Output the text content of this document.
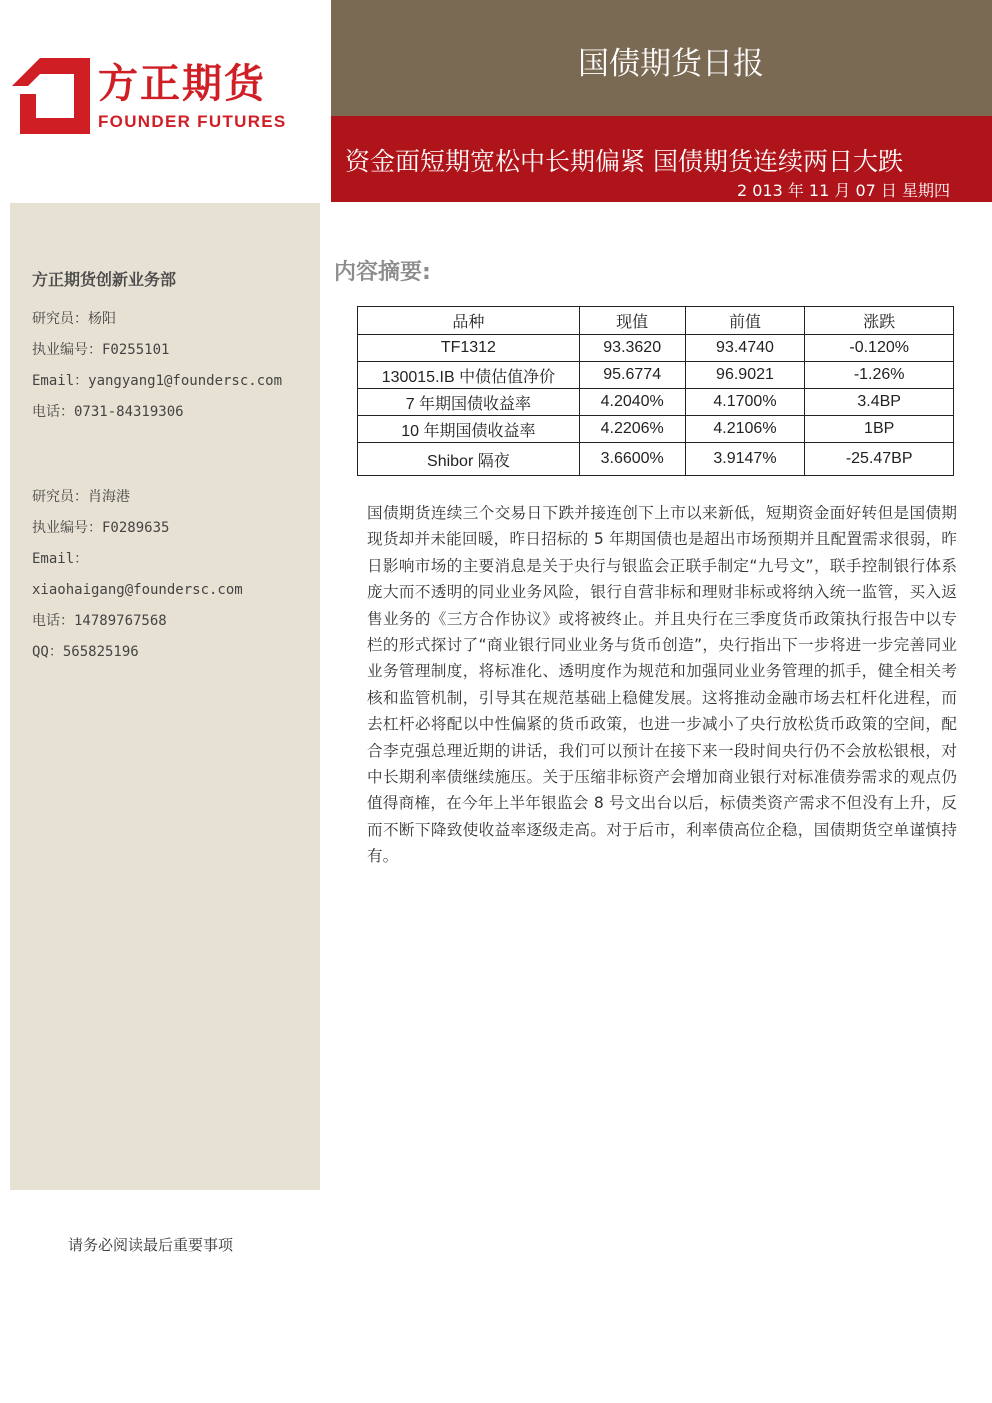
方正期货
FOUNDER FUTURES
国债期货日报
资金面短期宽松中长期偏紧 国债期货连续两日大跌
2 013 年 11 月 07 日 星期四
方正期货创新业务部
研究员：杨阳
执业编号：F0255101
Email：yangyang1@foundersc.com
电话：0731-84319306
研究员：肖海港
执业编号：F0289635
Email：
xiaohaigang@foundersc.com
电话：14789767568
QQ：565825196
内容摘要:
品种	现值	前值	涨跌
TF1312	93.3620	93.4740	-0.120%
130015.IB 中债估值净价	95.6774	96.9021	-1.26%
7 年期国债收益率	4.2040%	4.1700%	3.4BP
10 年期国债收益率	4.2206%	4.2106%	1BP
Shibor 隔夜	3.6600%	3.9147%	-25.47BP
国债期货连续三个交易日下跌并接连创下上市以来新低，短期资金面好转但是国债期现货却并未能回暖，昨日招标的 5 年期国债也是超出市场预期并且配置需求很弱，昨日影响市场的主要消息是关于央行与银监会正联手制定“九号文”，联手控制银行体系庞大而不透明的同业业务风险，银行自营非标和理财非标或将纳入统一监管，买入返售业务的《三方合作协议》或将被终止。并且央行在三季度货币政策执行报告中以专栏的形式探讨了“商业银行同业业务与货币创造”，央行指出下一步将进一步完善同业业务管理制度，将标准化、透明度作为规范和加强同业业务管理的抓手，健全相关考核和监管机制，引导其在规范基础上稳健发展。这将推动金融市场去杠杆化进程，而去杠杆必将配以中性偏紧的货币政策，也进一步减小了央行放松货币政策的空间，配合李克强总理近期的讲话，我们可以预计在接下来一段时间央行仍不会放松银根，对中长期利率债继续施压。关于压缩非标资产会增加商业银行对标准债券需求的观点仍值得商榷，在今年上半年银监会 8 号文出台以后，标债类资产需求不但没有上升，反而不断下降致使收益率逐级走高。对于后市，利率债高位企稳，国债期货空单谨慎持有。
请务必阅读最后重要事项
